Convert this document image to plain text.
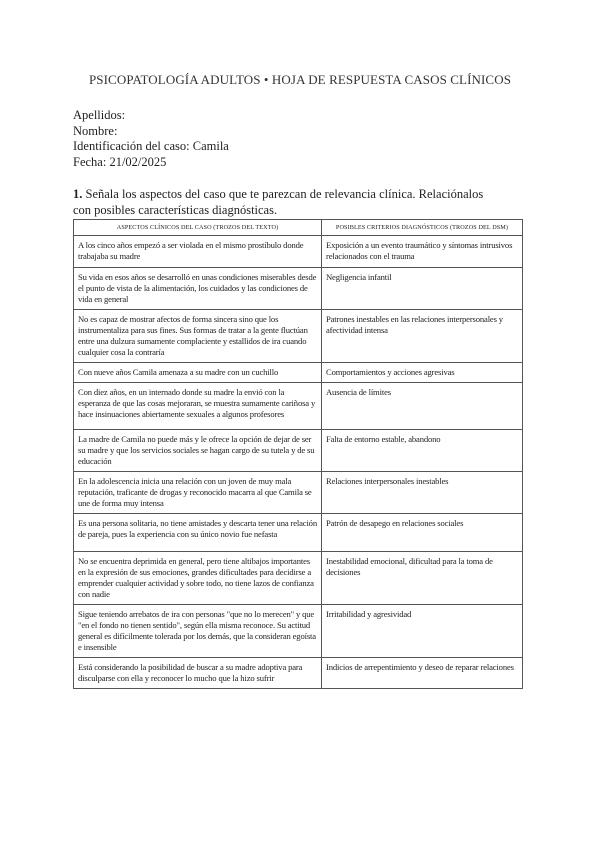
PSICOPATOLOGÍA ADULTOS • HOJA DE RESPUESTA CASOS CLÍNICOS
Apellidos:
Nombre:
Identificación del caso: Camila
Fecha: 21/02/2025
1. Señala los aspectos del caso que te parezcan de relevancia clínica. Relaciónalos con posibles características diagnósticas.
ASPECTOS CLÍNICOS DEL CASO (TROZOS DEL TEXTO)	POSIBLES CRITERIOS DIAGNÓSTICOS (TROZOS DEL DSM)
A los cinco años empezó a ser violada en el mismo prostíbulo donde trabajaba su madre	Exposición a un evento traumático y síntomas intrusivos relacionados con el trauma
Su vida en esos años se desarrolló en unas condiciones miserables desde el punto de vista de la alimentación, los cuidados y las condiciones de vida en general	Negligencia infantil
No es capaz de mostrar afectos de forma sincera sino que los instrumentaliza para sus fines. Sus formas de tratar a la gente fluctúan entre una dulzura sumamente complaciente y estallidos de ira cuando cualquier cosa la contraría	Patrones inestables en las relaciones interpersonales y afectividad intensa
Con nueve años Camila amenaza a su madre con un cuchillo	Comportamientos y acciones agresivas
Con diez años, en un internado donde su madre la envió con la esperanza de que las cosas mejoraran, se muestra sumamente cariñosa y hace insinuaciones abiertamente sexuales a algunos profesores	Ausencia de límites
La madre de Camila no puede más y le ofrece la opción de dejar de ser su madre y que los servicios sociales se hagan cargo de su tutela y de su educación	Falta de entorno estable, abandono
En la adolescencia inicia una relación con un joven de muy mala reputación, traficante de drogas y reconocido macarra al que Camila se une de forma muy intensa	Relaciones interpersonales inestables
Es una persona solitaria, no tiene amistades y descarta tener una relación de pareja, pues la experiencia con su único novio fue nefasta	Patrón de desapego en relaciones sociales
No se encuentra deprimida en general, pero tiene altibajos importantes en la expresión de sus emociones, grandes dificultades para decidirse a emprender cualquier actividad y sobre todo, no tiene lazos de confianza con nadie	Inestabilidad emocional, dificultad para la toma de decisiones
Sigue teniendo arrebatos de ira con personas "que no lo merecen" y que "en el fondo no tienen sentido", según ella misma reconoce. Su actitud general es difícilmente tolerada por los demás, que la consideran egoísta e insensible	Irritabilidad y agresividad
Está considerando la posibilidad de buscar a su madre adoptiva para disculparse con ella y reconocer lo mucho que la hizo sufrir	Indicios de arrepentimiento y deseo de reparar relaciones
